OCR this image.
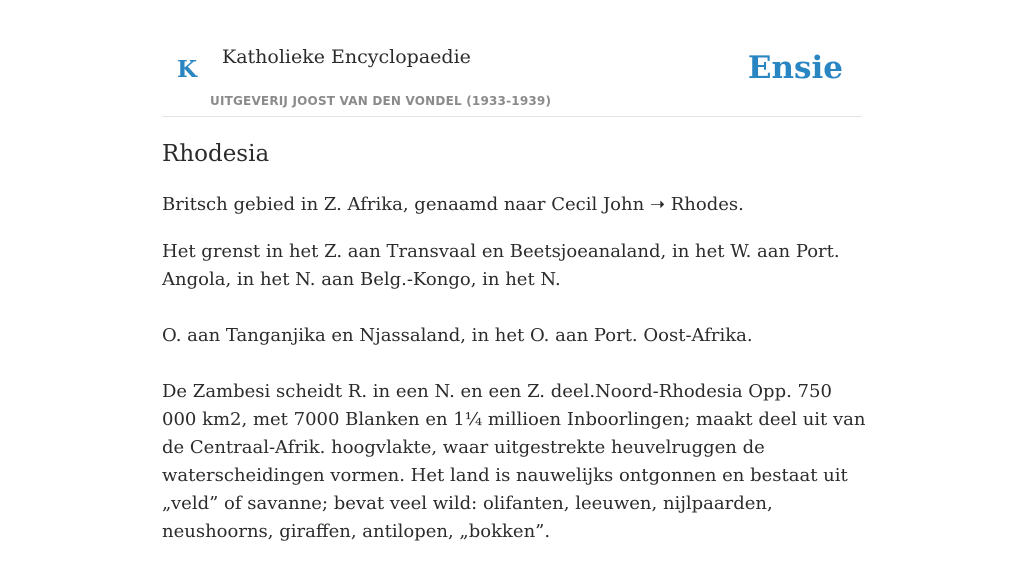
K Katholieke Encyclopaedie
UITGEVERIJ JOOST VAN DEN VONDEL (1933-1939)
Ensie
Rhodesia

Britsch gebied in Z. Afrika, genaamd naar Cecil John ➝ Rhodes.

Het grenst in het Z. aan Transvaal en Beetsjoeanaland, in het W. aan Port. Angola, in het N. aan Belg.-Kongo, in het N.

O. aan Tanganjika en Njassaland, in het O. aan Port. Oost-Afrika.

De Zambesi scheidt R. in een N. en een Z. deel.Noord-Rhodesia Opp. 750 000 km2, met 7000 Blanken en 1¼ millioen Inboorlingen; maakt deel uit van de Centraal-Afrik. hoogvlakte, waar uitgestrekte heuvelruggen de waterscheidingen vormen. Het land is nauwelijks ontgonnen en bestaat uit „veld” of savanne; bevat veel wild: olifanten, leeuwen, nijlpaarden, neushoorns, giraffen, antilopen, „bokken”.
